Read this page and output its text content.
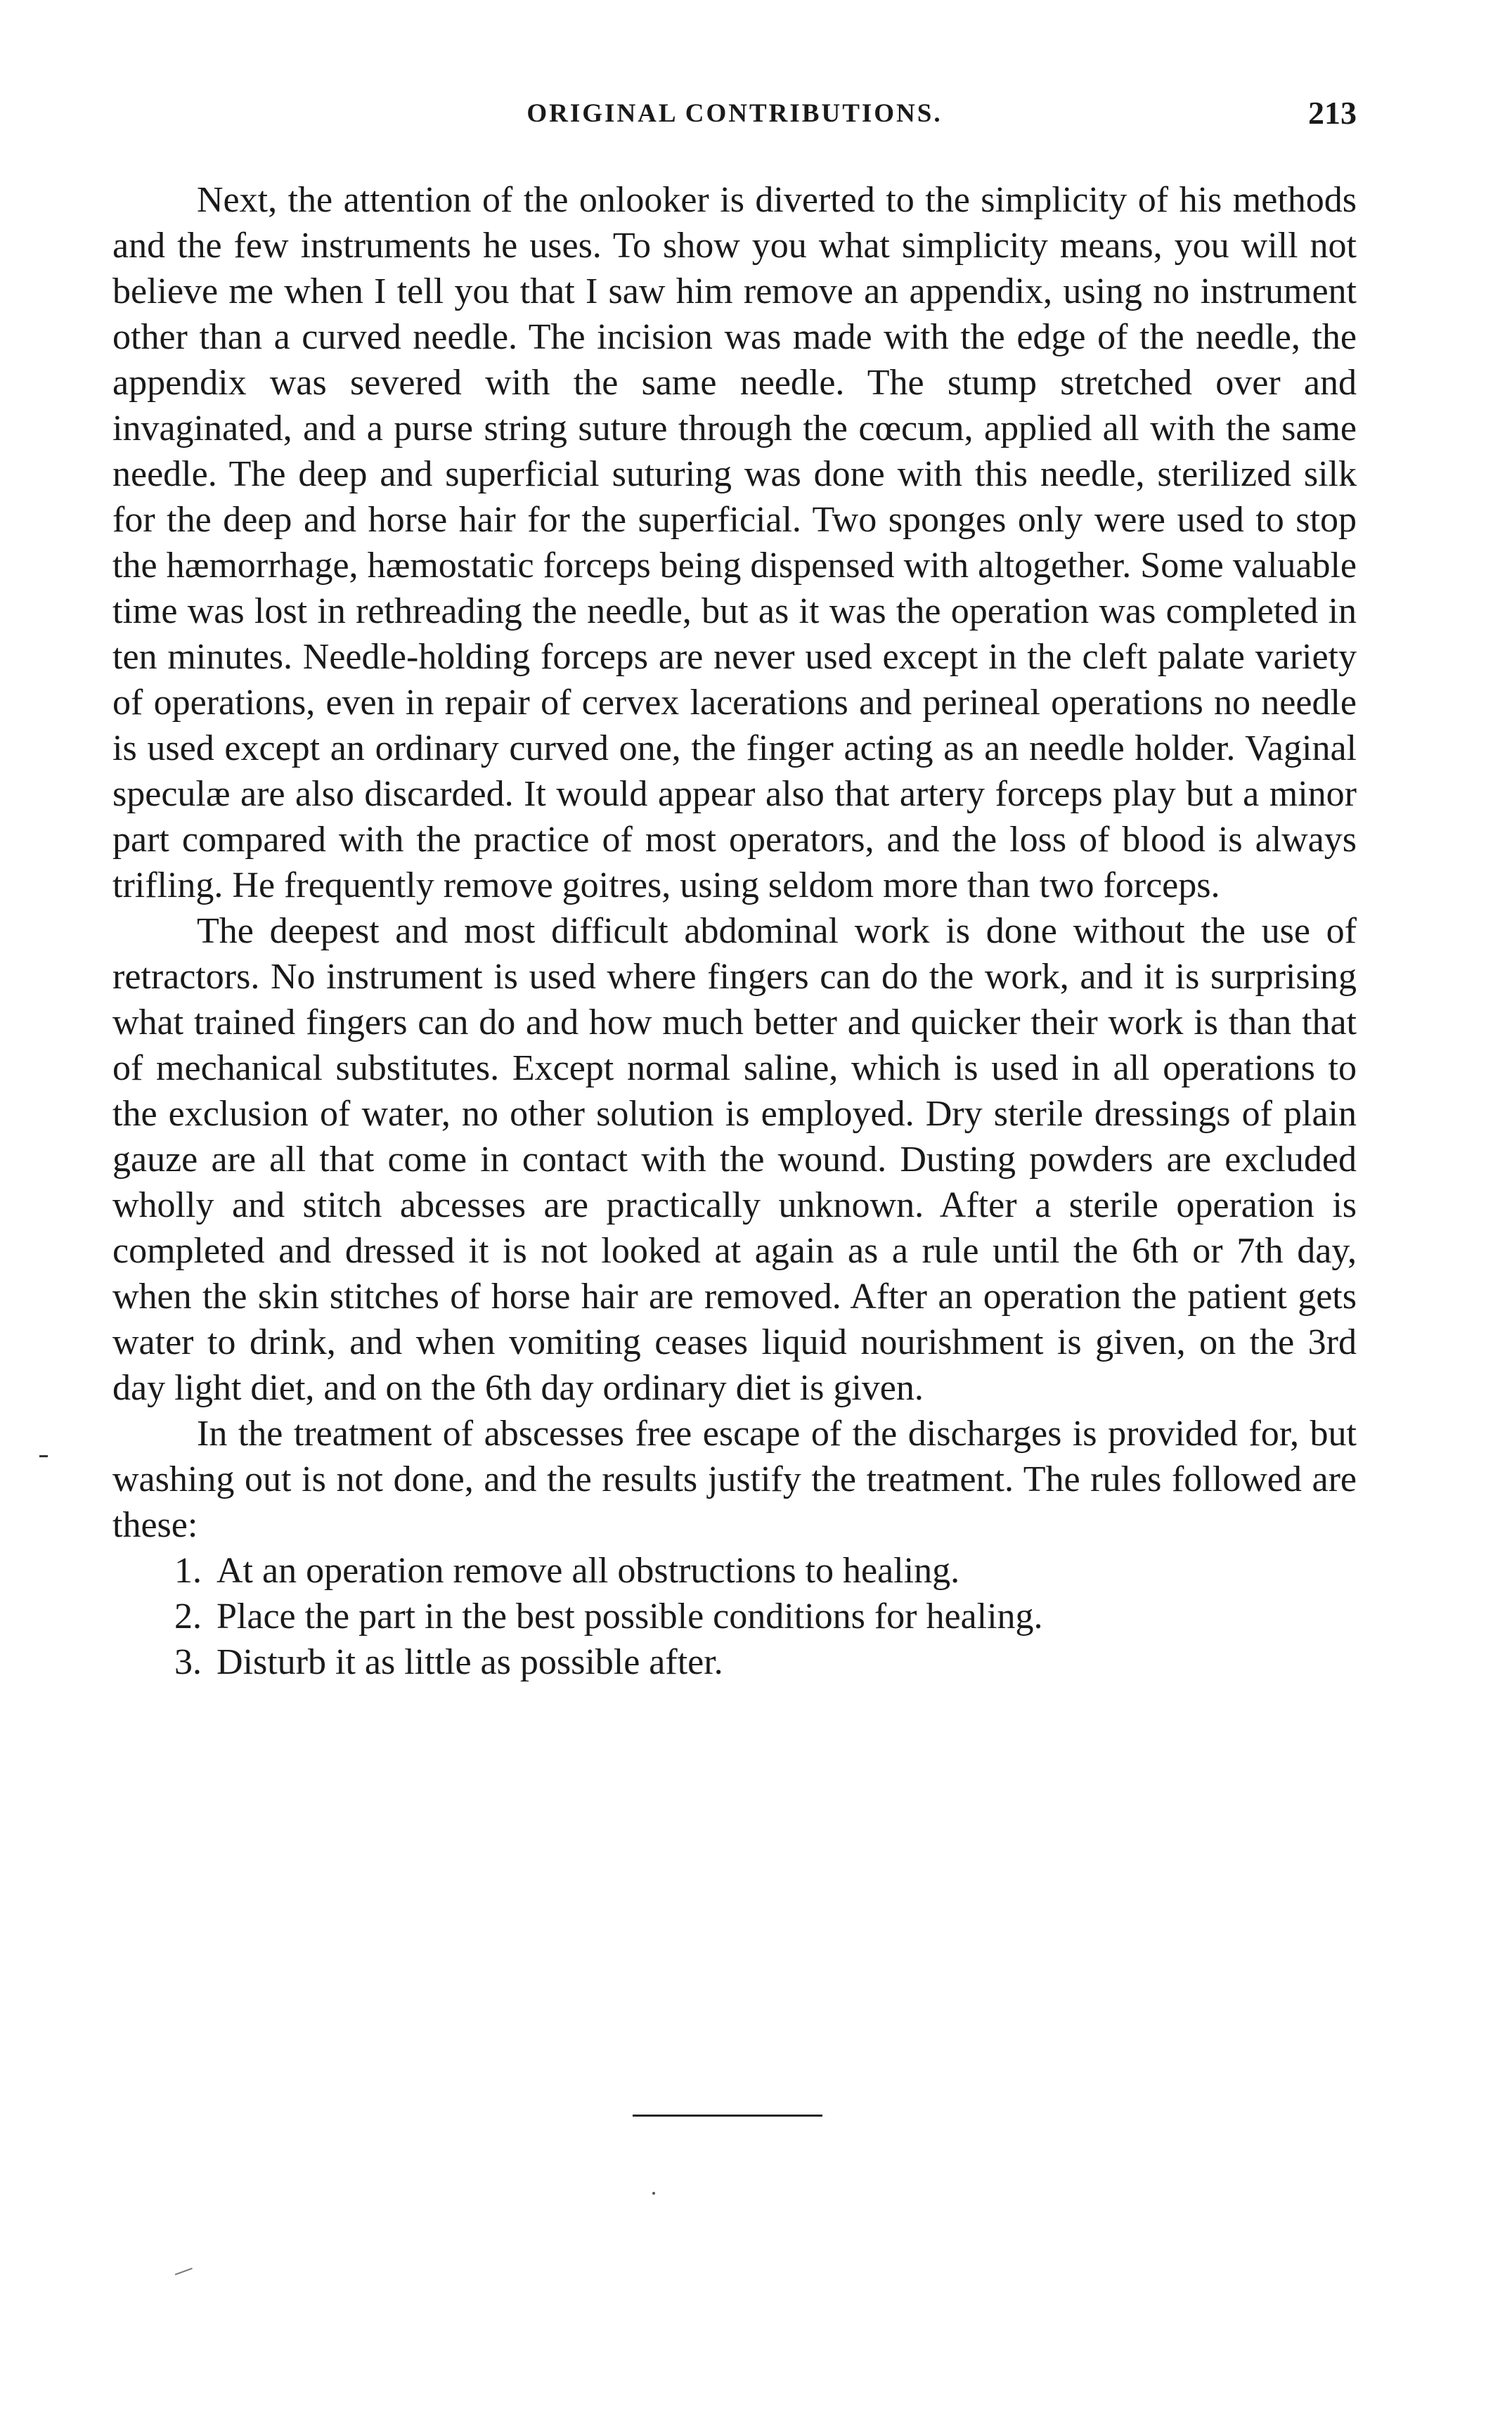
ORIGINAL CONTRIBUTIONS.	213

Next, the attention of the onlooker is diverted to the simplicity of his methods and the few instruments he uses. To show you what simplicity means, you will not believe me when I tell you that I saw him remove an appendix, using no instrument other than a curved needle. The incision was made with the edge of the needle, the appendix was severed with the same needle. The stump stretched over and invaginated, and a purse string suture through the cœcum, applied all with the same needle. The deep and superficial suturing was done with this needle, sterilized silk for the deep and horse hair for the superficial. Two sponges only were used to stop the hæmorrhage, hæmostatic forceps being dispensed with altogether. Some valuable time was lost in rethreading the needle, but as it was the operation was completed in ten minutes. Needle-holding forceps are never used except in the cleft palate variety of operations, even in repair of cervex lacerations and perineal operations no needle is used except an ordinary curved one, the finger acting as an needle holder. Vaginal speculæ are also discarded. It would appear also that artery forceps play but a minor part compared with the practice of most operators, and the loss of blood is always trifling. He frequently remove goitres, using seldom more than two forceps.

The deepest and most difficult abdominal work is done without the use of retractors. No instrument is used where fingers can do the work, and it is surprising what trained fingers can do and how much better and quicker their work is than that of mechanical substitutes. Except normal saline, which is used in all operations to the exclusion of water, no other solution is employed. Dry sterile dressings of plain gauze are all that come in contact with the wound. Dusting powders are excluded wholly and stitch abcesses are practically unknown. After a sterile operation is completed and dressed it is not looked at again as a rule until the 6th or 7th day, when the skin stitches of horse hair are removed. After an operation the patient gets water to drink, and when vomiting ceases liquid nourishment is given, on the 3rd day light diet, and on the 6th day ordinary diet is given.

In the treatment of abscesses free escape of the discharges is provided for, but washing out is not done, and the results justify the treatment. The rules followed are these:

1. At an operation remove all obstructions to healing.
2. Place the part in the best possible conditions for healing.
3. Disturb it as little as possible after.
